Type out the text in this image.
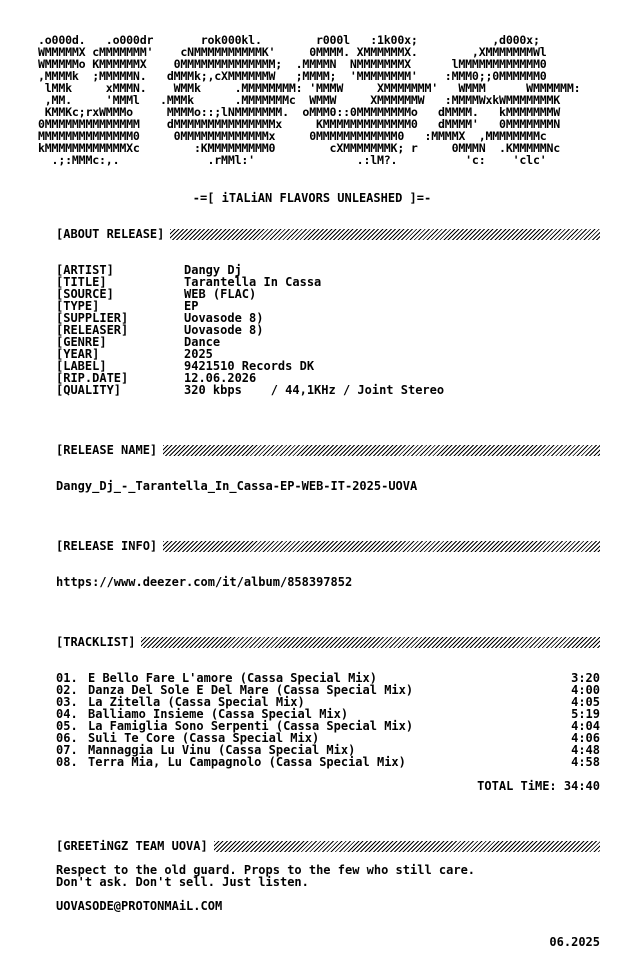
.o000d.   .o000dr       rok000kl.        r000l   :1k00x;           ,d000x;
WMMMMMX cMMMMMMM'    cNMMMMMMMMMMK'     0MMMM. XMMMMMMX.        ,XMMMMMMMWl
WMMMMMo KMMMMMMX    0MMMMMMMMMMMMMM;  .MMMMN  NMMMMMMMX      lMMMMMMMMMMMM0
,MMMMk  ;MMMMMN.   dMMMk;,cXMMMMMMW   ;MMMM;  'MMMMMMMM'    :MMM0;;0MMMMMM0
lMMk     xMMMN.    WMMk     .MMMMMMMM: 'MMMW     XMMMMMMM'   WMMM      WMMMMMM:
,MM.     'MMMl   .MMMk      .MMMMMMMc  WMMW     XMMMMMMW   :MMMMWxkWMMMMMMMK
KMMKc;rxWMMMo     MMMMo::;lNMMMMMMM.  oMMM0::0MMMMMMMMo   dMMMM.   kMMMMMMMW
0MMMMMMMMMMMMMM    dMMMMMMMMMMMMMMMx     KMMMMMMMMMMMMM0   dMMMM'   0MMMMMMMN
MMMMMMMMMMMMMM0     0MMMMMMMMMMMMMx     0MMMMMMMMMMMM0   :MMMMX  ,MMMMMMMMc
kMMMMMMMMMMMMXc        :KMMMMMMMMM0        cXMMMMMMMK; r     0MMMN  .KMMMMMNc
.;:MMMc:,.             .rMMl:'               .:lM?.          'c:    'clc'
-=[ iTALiAN FLAVORS UNLEASHED ]=-
[ABOUT RELEASE]
[ARTIST]	Dangy Dj
[TITLE]	Tarantella In Cassa
[SOURCE]	WEB (FLAC)
[TYPE]	EP
[SUPPLIER]	Uovasode 8)
[RELEASER]	Uovasode 8)
[GENRE]	Dance
[YEAR]	2025
[LABEL]	9421510 Records DK
[RIP.DATE]	12.06.2026
[QUALITY]	320 kbps    / 44,1KHz / Joint Stereo
[RELEASE NAME]
Dangy_Dj_-_Tarantella_In_Cassa-EP-WEB-IT-2025-UOVA
[RELEASE INFO]
https://www.deezer.com/it/album/858397852
[TRACKLIST]
01. E Bello Fare L'amore (Cassa Special Mix)	3:20
02. Danza Del Sole E Del Mare (Cassa Special Mix)	4:00
03. La Zitella (Cassa Special Mix)	4:05
04. Balliamo Insieme (Cassa Special Mix)	5:19
05. La Famiglia Sono Serpenti (Cassa Special Mix)	4:04
06. Suli Te Core (Cassa Special Mix)	4:06
07. Mannaggia Lu Vinu (Cassa Special Mix)	4:48
08. Terra Mia, Lu Campagnolo (Cassa Special Mix)	4:58
TOTAL TiME: 34:40
[GREETiNGZ TEAM UOVA]
Respect to the old guard. Props to the few who still care.
Don't ask. Don't sell. Just listen.
UOVASODE@PROTONMAiL.COM
06.2025
